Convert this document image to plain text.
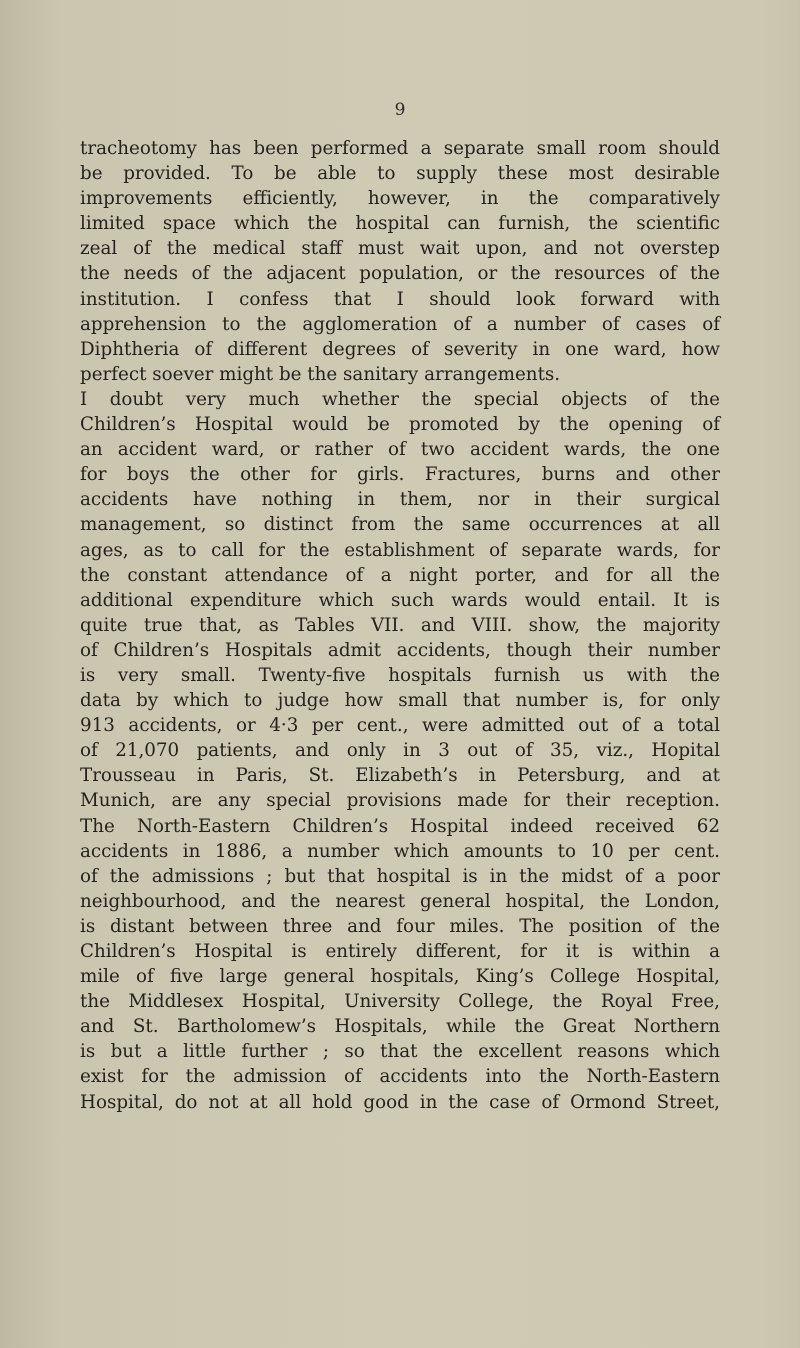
9
tracheotomy has been performed a separate small room should
be provided. To be able to supply these most desirable
improvements efficiently, however, in the comparatively
limited space which the hospital can furnish, the scientific
zeal of the medical staff must wait upon, and not overstep
the needs of the adjacent population, or the resources of the
institution. I confess that I should look forward with
apprehension to the agglomeration of a number of cases of
Diphtheria of different degrees of severity in one ward, how
perfect soever might be the sanitary arrangements.
I doubt very much whether the special objects of the
Children’s Hospital would be promoted by the opening of
an accident ward, or rather of two accident wards, the one
for boys the other for girls. Fractures, burns and other
accidents have nothing in them, nor in their surgical
management, so distinct from the same occurrences at all
ages, as to call for the establishment of separate wards, for
the constant attendance of a night porter, and for all the
additional expenditure which such wards would entail. It is
quite true that, as Tables VII. and VIII. show, the majority
of Children’s Hospitals admit accidents, though their number
is very small. Twenty-five hospitals furnish us with the
data by which to judge how small that number is, for only
913 accidents, or 4·3 per cent., were admitted out of a total
of 21,070 patients, and only in 3 out of 35, viz., Hopital
Trousseau in Paris, St. Elizabeth’s in Petersburg, and at
Munich, are any special provisions made for their reception.
The North-Eastern Children’s Hospital indeed received 62
accidents in 1886, a number which amounts to 10 per cent.
of the admissions ; but that hospital is in the midst of a poor
neighbourhood, and the nearest general hospital, the London,
is distant between three and four miles. The position of the
Children’s Hospital is entirely different, for it is within a
mile of five large general hospitals, King’s College Hospital,
the Middlesex Hospital, University College, the Royal Free,
and St. Bartholomew’s Hospitals, while the Great Northern
is but a little further ; so that the excellent reasons which
exist for the admission of accidents into the North-Eastern
Hospital, do not at all hold good in the case of Ormond Street,
